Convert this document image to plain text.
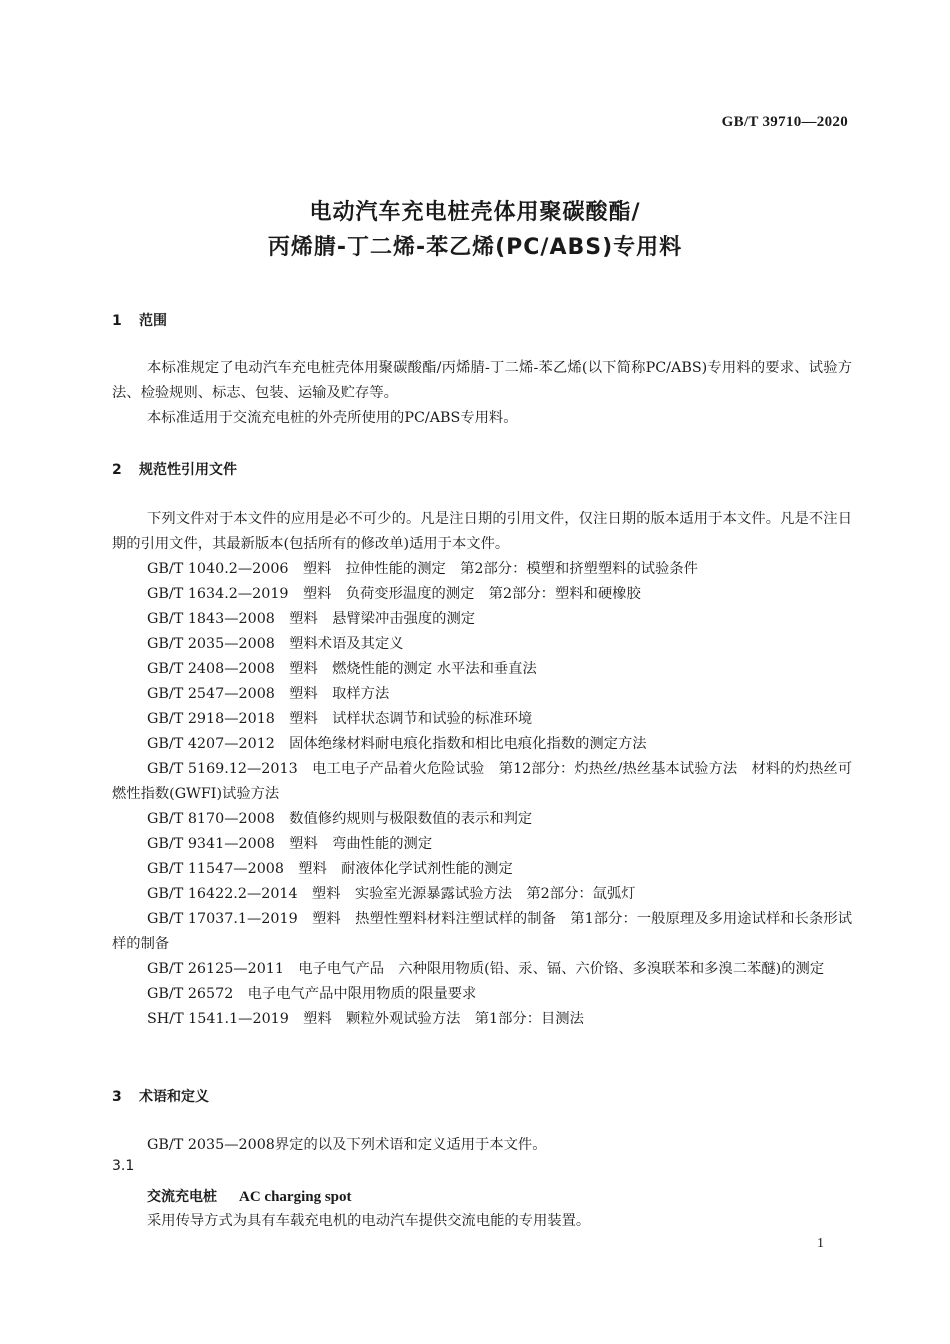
GB/T 39710—2020
电动汽车充电桩壳体用聚碳酸酯/
丙烯腈-丁二烯-苯乙烯(PC/ABS)专用料
1 范围
本标准规定了电动汽车充电桩壳体用聚碳酸酯/丙烯腈-丁二烯-苯乙烯(以下简称PC/ABS)专用料的要求、试验方法、检验规则、标志、包装、运输及贮存等。
本标准适用于交流充电桩的外壳所使用的PC/ABS专用料。
2 规范性引用文件
下列文件对于本文件的应用是必不可少的。凡是注日期的引用文件，仅注日期的版本适用于本文件。凡是不注日期的引用文件，其最新版本(包括所有的修改单)适用于本文件。
GB/T 1040.2—2006　塑料　拉伸性能的测定　第2部分：模塑和挤塑塑料的试验条件
GB/T 1634.2—2019　塑料　负荷变形温度的测定　第2部分：塑料和硬橡胶
GB/T 1843—2008　塑料　悬臂梁冲击强度的测定
GB/T 2035—2008　塑料术语及其定义
GB/T 2408—2008　塑料　燃烧性能的测定 水平法和垂直法
GB/T 2547—2008　塑料　取样方法
GB/T 2918—2018　塑料　试样状态调节和试验的标准环境
GB/T 4207—2012　固体绝缘材料耐电痕化指数和相比电痕化指数的测定方法
GB/T 5169.12—2013　电工电子产品着火危险试验　第12部分：灼热丝/热丝基本试验方法　材料的灼热丝可燃性指数(GWFI)试验方法
GB/T 8170—2008　数值修约规则与极限数值的表示和判定
GB/T 9341—2008　塑料　弯曲性能的测定
GB/T 11547—2008　塑料　耐液体化学试剂性能的测定
GB/T 16422.2—2014　塑料　实验室光源暴露试验方法　第2部分：氙弧灯
GB/T 17037.1—2019　塑料　热塑性塑料材料注塑试样的制备　第1部分：一般原理及多用途试样和长条形试样的制备
GB/T 26125—2011　电子电气产品　六种限用物质(铅、汞、镉、六价铬、多溴联苯和多溴二苯醚)的测定
GB/T 26572　电子电气产品中限用物质的限量要求
SH/T 1541.1—2019　塑料　颗粒外观试验方法　第1部分：目测法
3 术语和定义
GB/T 2035—2008界定的以及下列术语和定义适用于本文件。
3.1
交流充电桩 AC charging spot
采用传导方式为具有车载充电机的电动汽车提供交流电能的专用装置。
1
